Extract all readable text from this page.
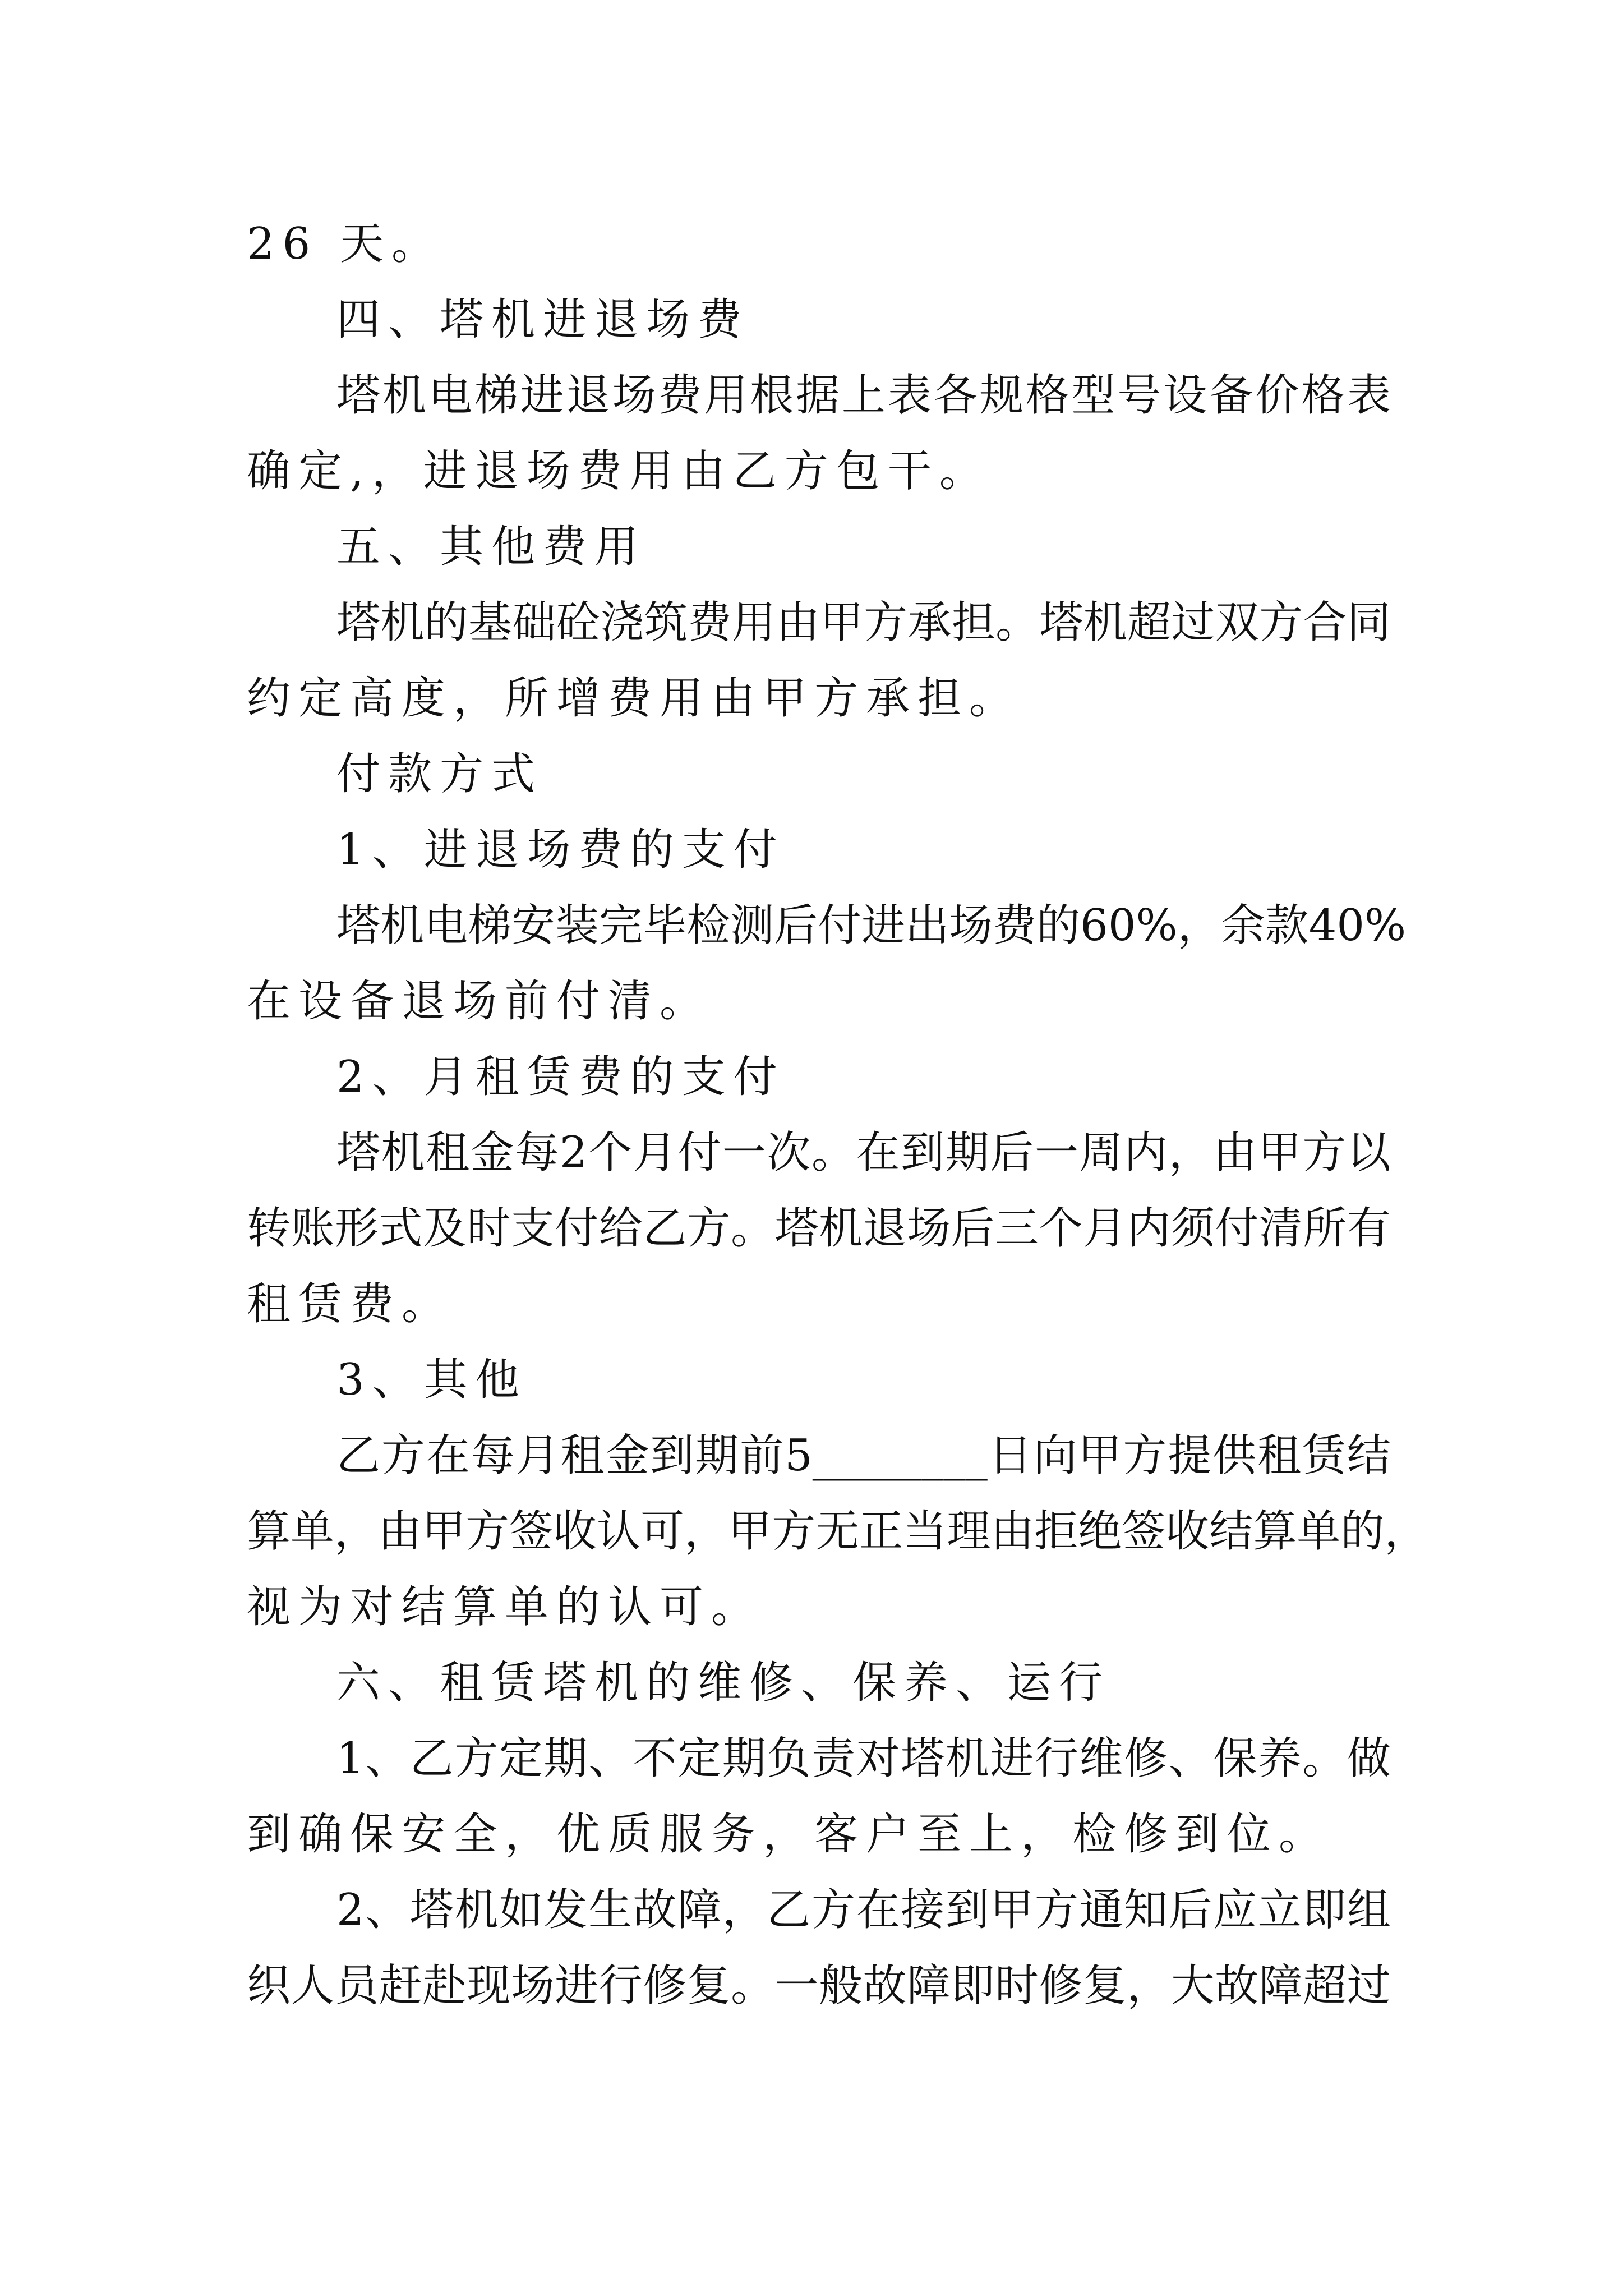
26 天。
四、塔机进退场费
塔 机 电 梯 进 退 场 费 用 根 据 上 表 各 规 格 型 号 设 备 价 格 表
确定,，进退场费用由乙方包干。
五、其他费用
塔 机 的 基 础 砼 浇 筑 费 用 由 甲 方 承 担 。 塔 机 超 过 双 方 合 同
约定高度，所增费用由甲方承担。
付款方式
1、进退场费的支付
塔 机 电 梯 安 装 完 毕 检 测 后 付 进 出 场 费 的 60% ， 余 款 40%
在设备退场前付清。
2、月租赁费的支付
塔 机 租 金 每 2 个 月 付 一 次 。 在 到 期 后 一 周 内 ， 由 甲 方 以
转 账 形 式 及 时 支 付 给 乙 方 。 塔 机 退 场 后 三 个 月 内 须 付 清 所 有
租赁费。
3、其他
乙 方 在 每 月 租 金 到 期 前 5________ 日 向 甲 方 提 供 租 赁 结
算 单 ， 由 甲 方 签 收 认 可 ， 甲 方 无 正 当 理 由 拒 绝 签 收 结 算 单 的 ，
视为对结算单的认可。
六、租赁塔机的维修、保养、运行
1 、 乙 方 定 期 、 不 定 期 负 责 对 塔 机 进 行 维 修 、 保 养 。 做
到确保安全，优质服务，客户至上，检修到位。
2 、 塔 机 如 发 生 故 障 ， 乙 方 在 接 到 甲 方 通 知 后 应 立 即 组
织 人 员 赶 赴 现 场 进 行 修 复 。 一 般 故 障 即 时 修 复 ， 大 故 障 超 过
